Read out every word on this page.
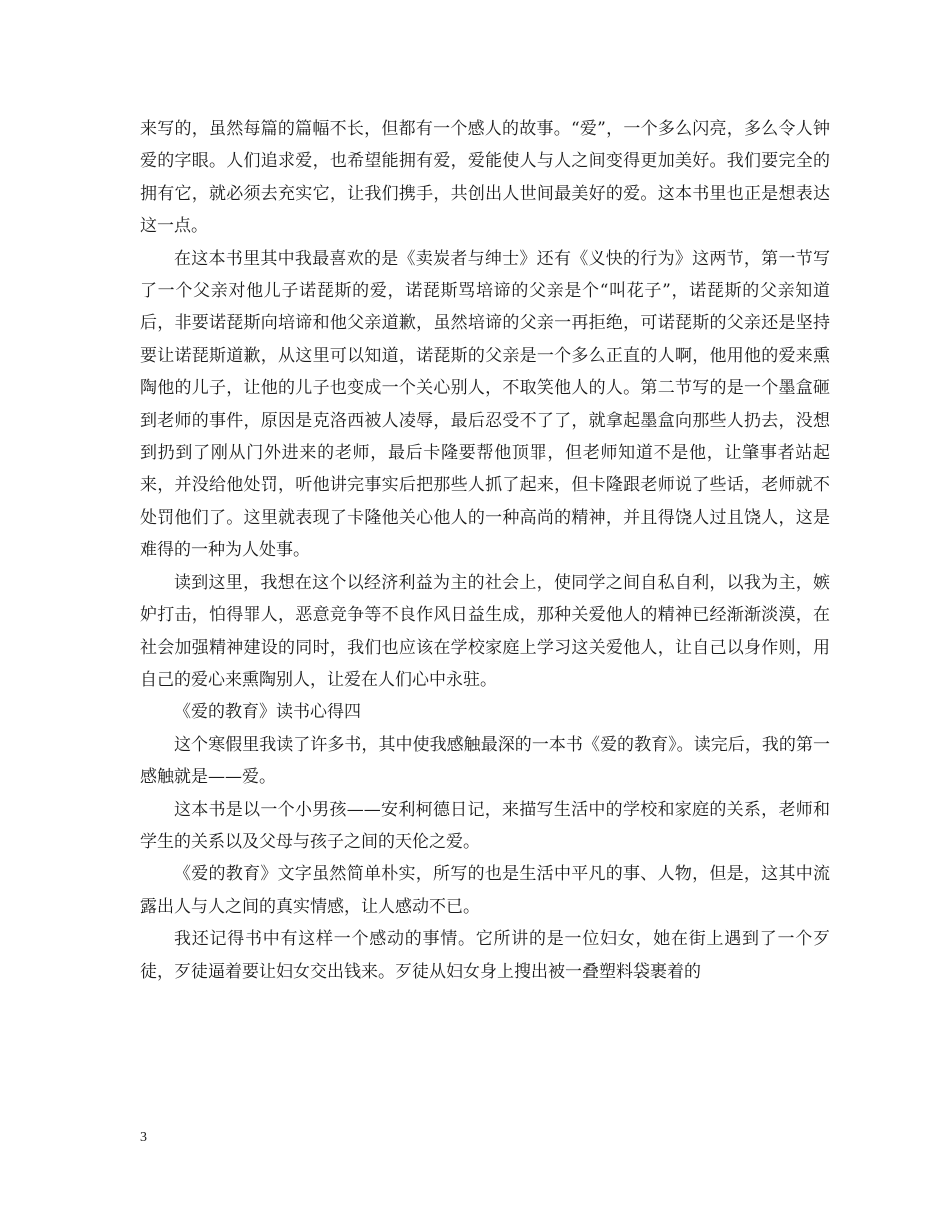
来写的，虽然每篇的篇幅不长，但都有一个感人的故事。“爱”，一个多么闪亮，多么令人钟爱的字眼。人们追求爱，也希望能拥有爱，爱能使人与人之间变得更加美好。我们要完全的拥有它，就必须去充实它，让我们携手，共创出人世间最美好的爱。这本书里也正是想表达这一点。

在这本书里其中我最喜欢的是《卖炭者与绅士》还有《义快的行为》这两节，第一节写了一个父亲对他儿子诺琵斯的爱，诺琵斯骂培谛的父亲是个“叫花子”，诺琵斯的父亲知道后，非要诺琵斯向培谛和他父亲道歉，虽然培谛的父亲一再拒绝，可诺琵斯的父亲还是坚持要让诺琵斯道歉，从这里可以知道，诺琵斯的父亲是一个多么正直的人啊，他用他的爱来熏陶他的儿子，让他的儿子也变成一个关心别人，不取笑他人的人。第二节写的是一个墨盒砸到老师的事件，原因是克洛西被人凌辱，最后忍受不了了，就拿起墨盒向那些人扔去，没想到扔到了刚从门外进来的老师，最后卡隆要帮他顶罪，但老师知道不是他，让肇事者站起来，并没给他处罚，听他讲完事实后把那些人抓了起来，但卡隆跟老师说了些话，老师就不处罚他们了。这里就表现了卡隆他关心他人的一种高尚的精神，并且得饶人过且饶人，这是难得的一种为人处事。

读到这里，我想在这个以经济利益为主的社会上，使同学之间自私自利，以我为主，嫉妒打击，怕得罪人，恶意竞争等不良作风日益生成，那种关爱他人的精神已经渐渐淡漠，在社会加强精神建设的同时，我们也应该在学校家庭上学习这关爱他人，让自己以身作则，用自己的爱心来熏陶别人，让爱在人们心中永驻。

《爱的教育》读书心得四

这个寒假里我读了许多书，其中使我感触最深的一本书《爱的教育》。读完后，我的第一感触就是——爱。

这本书是以一个小男孩——安利柯德日记，来描写生活中的学校和家庭的关系，老师和学生的关系以及父母与孩子之间的天伦之爱。

《爱的教育》文字虽然简单朴实，所写的也是生活中平凡的事、人物，但是，这其中流露出人与人之间的真实情感，让人感动不已。

我还记得书中有这样一个感动的事情。它所讲的是一位妇女，她在街上遇到了一个歹徒，歹徒逼着要让妇女交出钱来。歹徒从妇女身上搜出被一叠塑料袋裹着的

3
